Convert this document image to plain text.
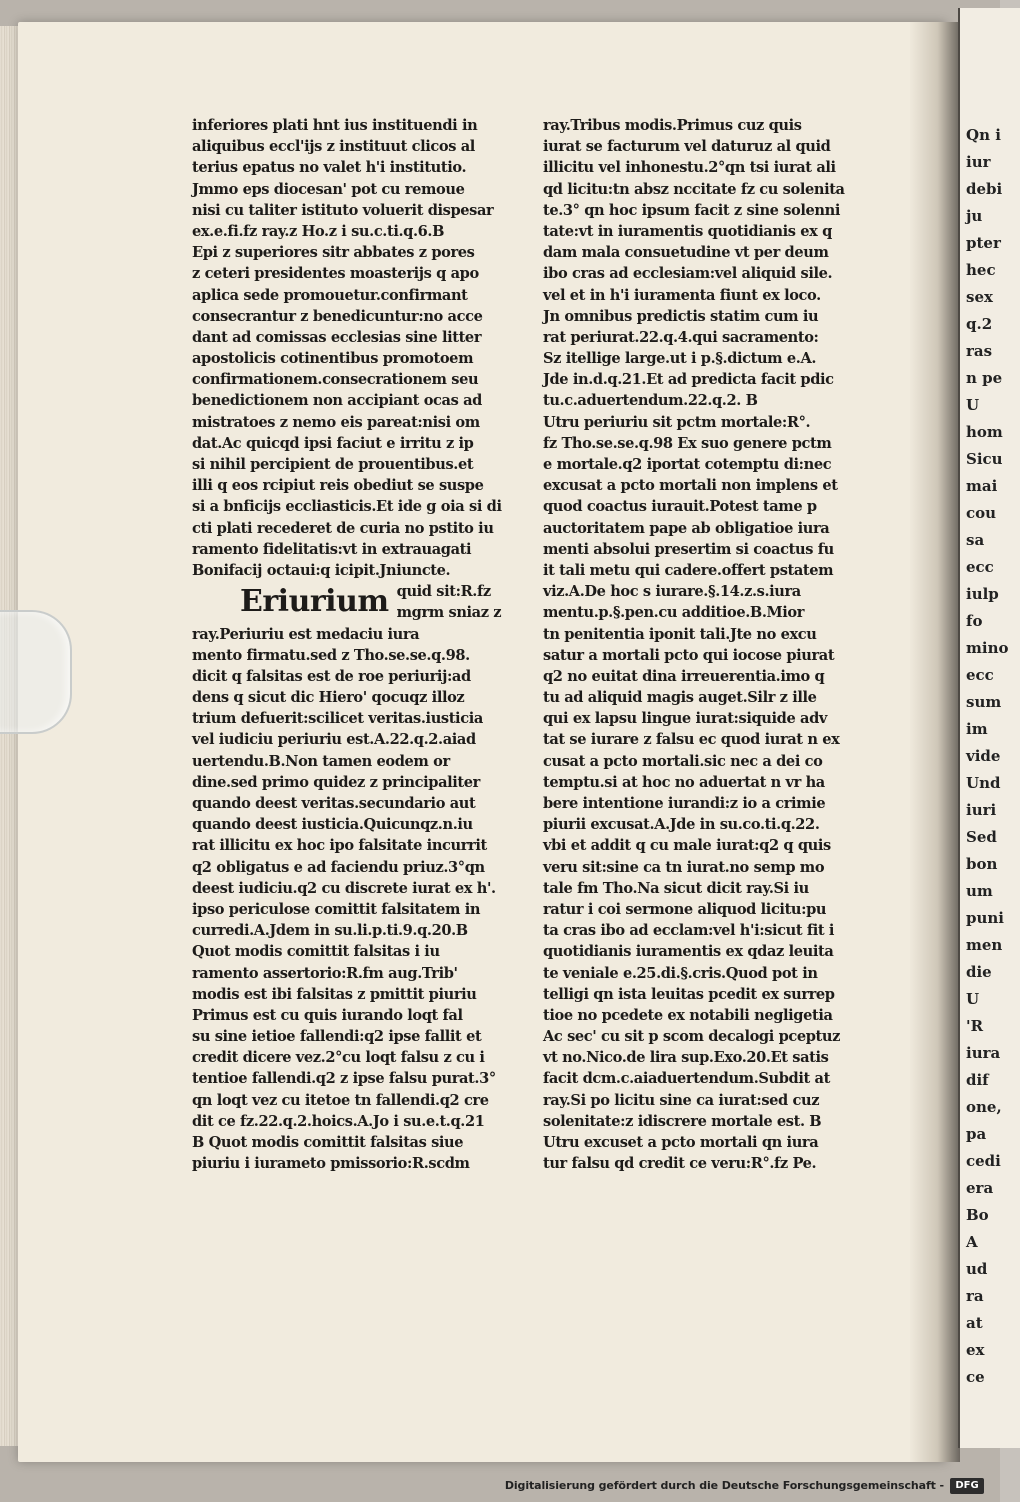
Qn i
iur
debi
ju
pter
hec
sex
q.2
ras
n pe
U
hom
Sicu
mai
cou
sa
ecc
iulp
fo
mino
ecc
sum
im
vide
Und
iuri
Sed
bon
um
puni
men
die
U
'R
iura
dif
one,
pa
cedi
era
Bo
A
ud
ra
at
ex
ce
inferiores plati hnt ius instituendi in
aliquibus eccl'ijs z instituut clicos al
terius epatus no valet h'i institutio.
Jmmo eps diocesan' pot cu remoue
nisi cu taliter istituto voluerit dispesar
ex.e.fi.fz ray.z Ho.z i su.c.ti.q.6.B
Epi z superiores sitr abbates z pores
z ceteri presidentes moasterijs q apo
aplica sede promouetur.confirmant
consecrantur z benedicuntur:no acce
dant ad comissas ecclesias sine litter
apostolicis cotinentibus promotoem
confirmationem.consecrationem seu
benedictionem non accipiant ocas ad
mistratoes z nemo eis pareat:nisi om
dat.Ac quicqd ipsi faciut e irritu z ip
si nihil percipient de prouentibus.et
illi q eos rcipiut reis obediut se suspe
si a bnficijs eccliasticis.Et ide g oia si di
cti plati recederet de curia no pstito iu
ramento fidelitatis:vt in extrauagati
Bonifacij octaui:q icipit.Jniuncte.
Eriurium quid sit:R.fz
mgrm sniaz z
ray.Periuriu est medaciu iura
mento firmatu.sed z Tho.se.se.q.98.
dicit q falsitas est de roe periurij:ad
dens q sicut dic Hiero' qocuqz illoz
trium defuerit:scilicet veritas.iusticia
vel iudiciu periuriu est.A.22.q.2.aiad
uertendu.B.Non tamen eodem or
dine.sed primo quidez z principaliter
quando deest veritas.secundario aut
quando deest iusticia.Quicunqz.n.iu
rat illicitu ex hoc ipo falsitate incurrit
q2 obligatus e ad faciendu priuz.3°qn
deest iudiciu.q2 cu discrete iurat ex h'.
ipso periculose comittit falsitatem in
curredi.A.Jdem in su.li.p.ti.9.q.20.B
Quot modis comittit falsitas i iu
ramento assertorio:R.fm aug.Trib'
modis est ibi falsitas z pmittit piuriu
Primus est cu quis iurando loqt fal
su sine ietioe fallendi:q2 ipse fallit et
credit dicere vez.2°cu loqt falsu z cu i
tentioe fallendi.q2 z ipse falsu purat.3°
qn loqt vez cu itetoe tn fallendi.q2 cre
dit ce fz.22.q.2.hoics.A.Jo i su.e.t.q.21
B Quot modis comittit falsitas siue
piuriu i iurameto pmissorio:R.scdm
ray.Tribus modis.Primus cuz quis
iurat se facturum vel daturuz al quid
illicitu vel inhonestu.2°qn tsi iurat ali
qd licitu:tn absz nccitate fz cu solenita
te.3° qn hoc ipsum facit z sine solenni
tate:vt in iuramentis quotidianis ex q
dam mala consuetudine vt per deum
ibo cras ad ecclesiam:vel aliquid sile.
vel et in h'i iuramenta fiunt ex loco.
Jn omnibus predictis statim cum iu
rat periurat.22.q.4.qui sacramento:
Sz itellige large.ut i p.§.dictum e.A.
Jde in.d.q.21.Et ad predicta facit pdic
tu.c.aduertendum.22.q.2. B
Utru periuriu sit pctm mortale:R°.
fz Tho.se.se.q.98 Ex suo genere pctm
e mortale.q2 iportat cotemptu di:nec
excusat a pcto mortali non implens et
quod coactus iurauit.Potest tame p
auctoritatem pape ab obligatioe iura
menti absolui presertim si coactus fu
it tali metu qui cadere.offert pstatem
viz.A.De hoc s iurare.§.14.z.s.iura
mentu.p.§.pen.cu additioe.B.Mior
tn penitentia iponit tali.Jte no excu
satur a mortali pcto qui iocose piurat
q2 no euitat dina irreuerentia.imo q
tu ad aliquid magis auget.Silr z ille
qui ex lapsu lingue iurat:siquide adv
tat se iurare z falsu ec quod iurat n ex
cusat a pcto mortali.sic nec a dei co
temptu.si at hoc no aduertat n vr ha
bere intentione iurandi:z io a crimie
piurii excusat.A.Jde in su.co.ti.q.22.
vbi et addit q cu male iurat:q2 q quis
veru sit:sine ca tn iurat.no semp mo
tale fm Tho.Na sicut dicit ray.Si iu
ratur i coi sermone aliquod licitu:pu
ta cras ibo ad ecclam:vel h'i:sicut fit i
quotidianis iuramentis ex qdaz leuita
te veniale e.25.di.§.cris.Quod pot in
telligi qn ista leuitas pcedit ex surrep
tioe no pcedete ex notabili negligetia
Ac sec' cu sit p scom decalogi pceptuz
vt no.Nico.de lira sup.Exo.20.Et satis
facit dcm.c.aiaduertendum.Subdit at
ray.Si po licitu sine ca iurat:sed cuz
solenitate:z idiscrere mortale est. B
Utru excuset a pcto mortali qn iura
tur falsu qd credit ce veru:R°.fz Pe.
Digitalisierung gefördert durch die Deutsche Forschungsgemeinschaft -	DFG
